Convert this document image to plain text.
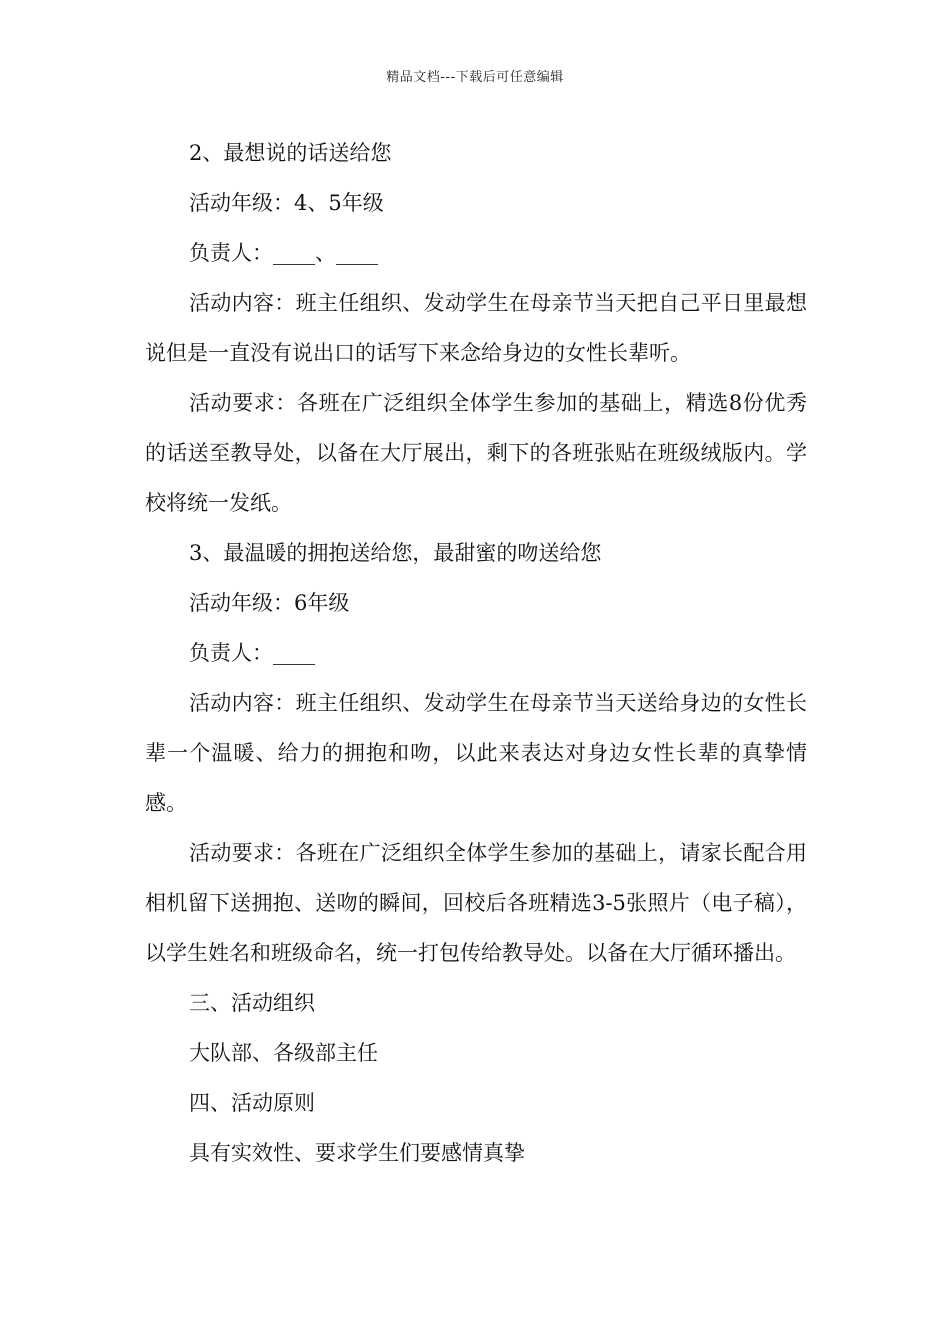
精品文档---下载后可任意编辑

2、最想说的话送给您

活动年级：4、5年级

负责人：____、____

活动内容：班主任组织、发动学生在母亲节当天把自己平日里最想说但是一直没有说出口的话写下来念给身边的女性长辈听。

活动要求：各班在广泛组织全体学生参加的基础上，精选8份优秀的话送至教导处，以备在大厅展出，剩下的各班张贴在班级绒版内。学校将统一发纸。

3、最温暖的拥抱送给您，最甜蜜的吻送给您

活动年级：6年级

负责人：____

活动内容：班主任组织、发动学生在母亲节当天送给身边的女性长辈一个温暖、给力的拥抱和吻，以此来表达对身边女性长辈的真挚情感。

活动要求：各班在广泛组织全体学生参加的基础上，请家长配合用相机留下送拥抱、送吻的瞬间，回校后各班精选3-5张照片（电子稿），以学生姓名和班级命名，统一打包传给教导处。以备在大厅循环播出。

三、活动组织

大队部、各级部主任

四、活动原则

具有实效性、要求学生们要感情真挚
